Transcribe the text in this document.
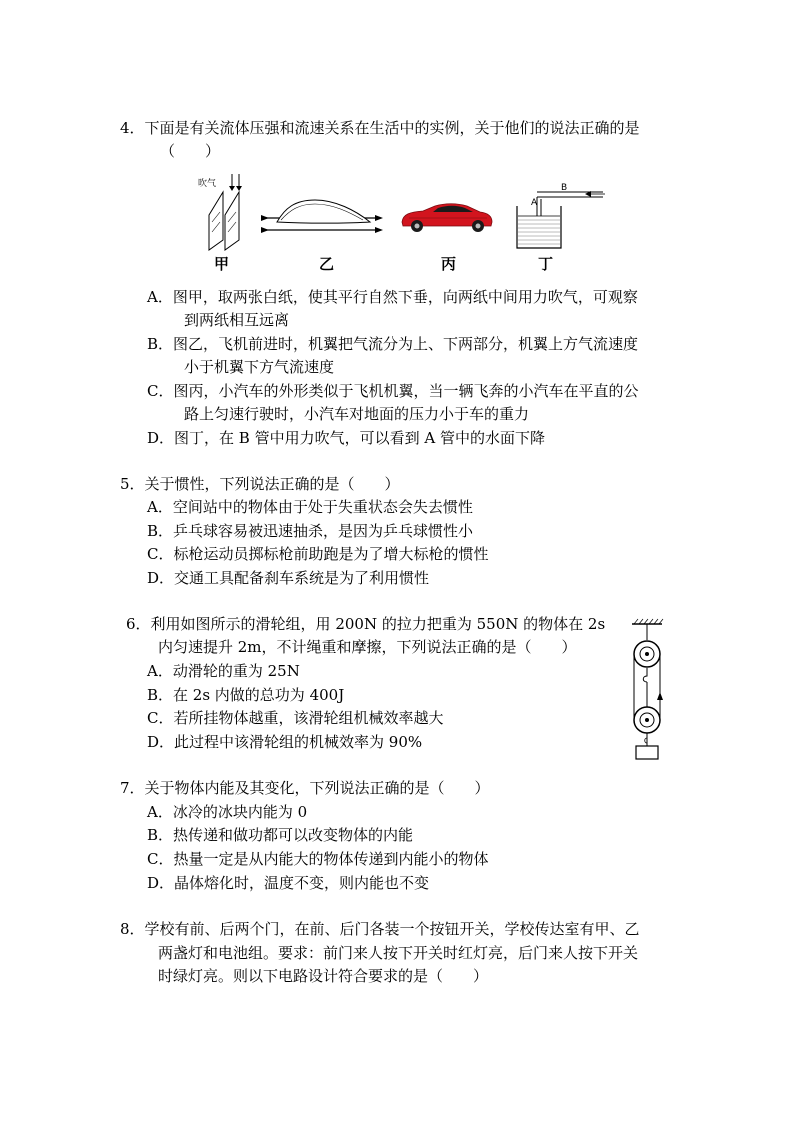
4．下面是有关流体压强和流速关系在生活中的实例，关于他们的说法正确的是
（　　）
吹气	B
A
甲	乙	丙	丁
A．图甲，取两张白纸，使其平行自然下垂，向两纸中间用力吹气，可观察
到两纸相互远离
B．图乙，飞机前进时，机翼把气流分为上、下两部分，机翼上方气流速度
小于机翼下方气流速度
C．图丙，小汽车的外形类似于飞机机翼，当一辆飞奔的小汽车在平直的公
路上匀速行驶时，小汽车对地面的压力小于车的重力
D．图丁，在 B 管中用力吹气，可以看到 A 管中的水面下降
5．关于惯性，下列说法正确的是（　　）
A．空间站中的物体由于处于失重状态会失去惯性
B．乒乓球容易被迅速抽杀，是因为乒乓球惯性小
C．标枪运动员掷标枪前助跑是为了增大标枪的惯性
D．交通工具配备刹车系统是为了利用惯性
6．利用如图所示的滑轮组，用 200N 的拉力把重为 550N 的物体在 2s
内匀速提升 2m，不计绳重和摩擦，下列说法正确的是（　　）
A．动滑轮的重为 25N
B．在 2s 内做的总功为 400J
C．若所挂物体越重，该滑轮组机械效率越大
D．此过程中该滑轮组的机械效率为 90%
7．关于物体内能及其变化，下列说法正确的是（　　）
A．冰冷的冰块内能为 0
B．热传递和做功都可以改变物体的内能
C．热量一定是从内能大的物体传递到内能小的物体
D．晶体熔化时，温度不变，则内能也不变
8．学校有前、后两个门，在前、后门各装一个按钮开关，学校传达室有甲、乙
两盏灯和电池组。要求：前门来人按下开关时红灯亮，后门来人按下开关
时绿灯亮。则以下电路设计符合要求的是（　　）
